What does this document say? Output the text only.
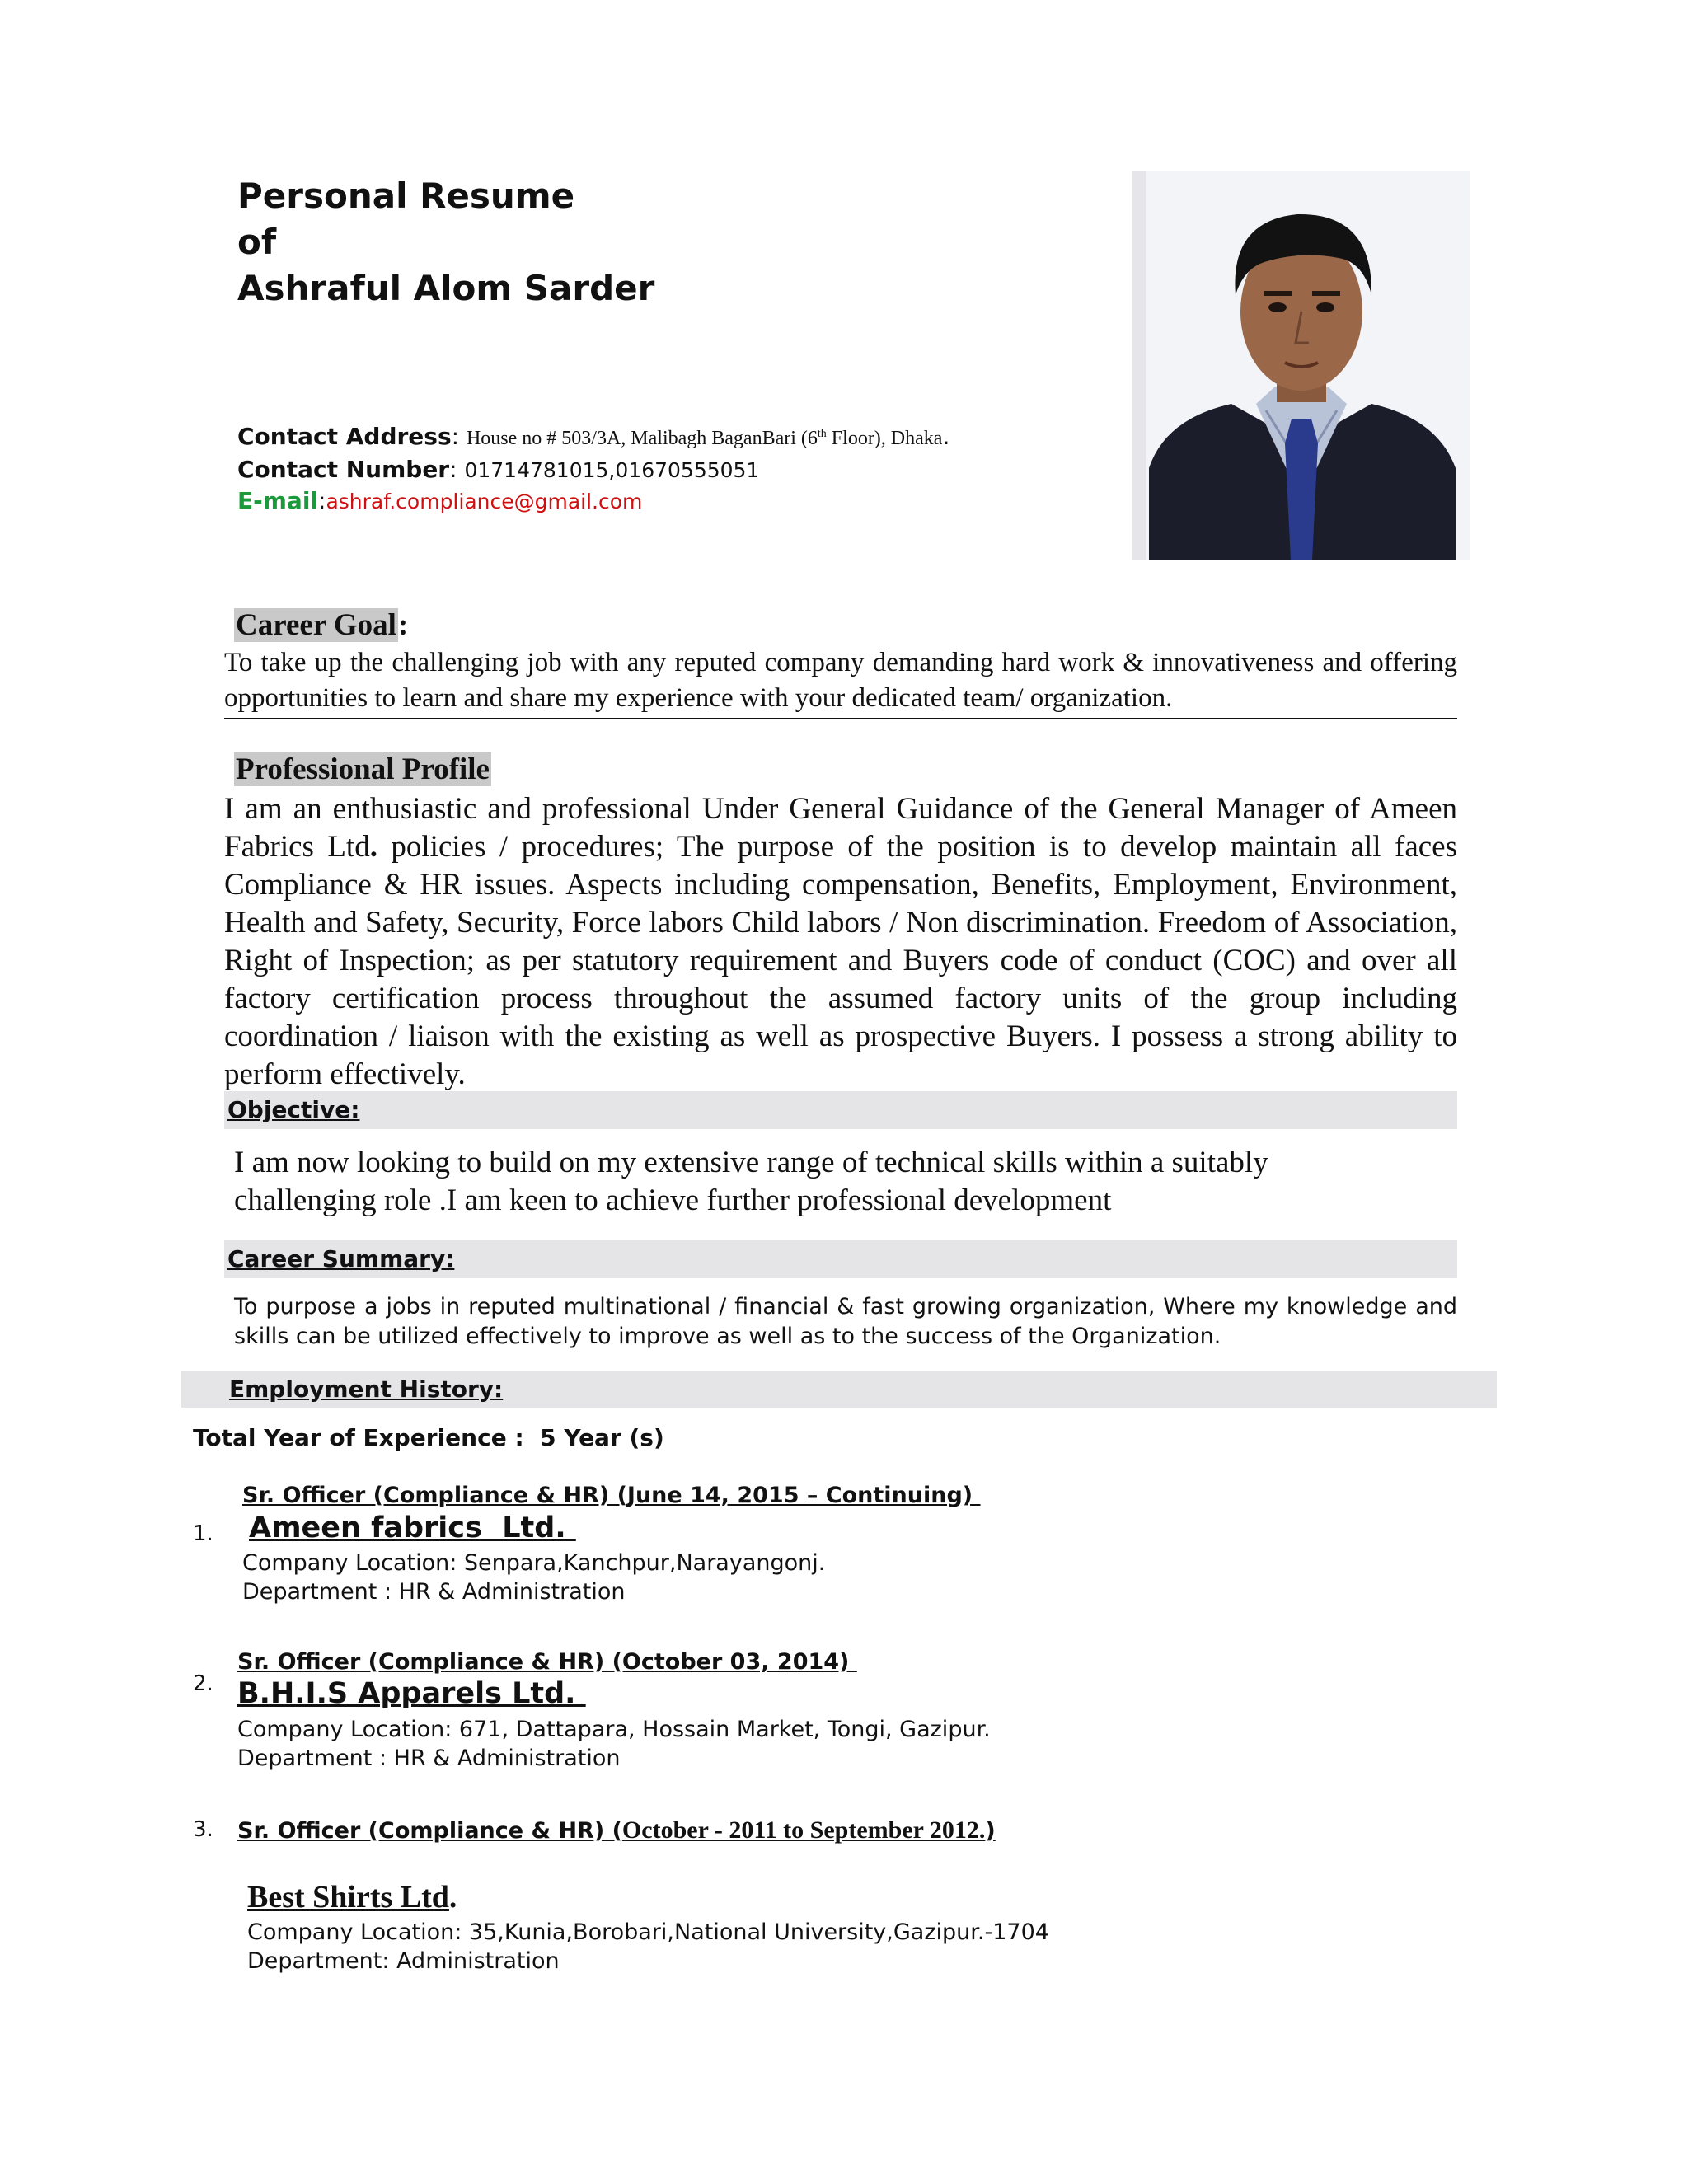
Personal Resume
of
Ashraful Alom Sarder
Contact Address: House no # 503/3A, Malibagh BaganBari (6th Floor), Dhaka.
Contact Number: 01714781015,01670555051
E-mail:ashraf.compliance@gmail.com
Career Goal:
To take up the challenging job with any reputed company demanding hard work & innovativeness and offering opportunities to learn and share my experience with your dedicated team/ organization.
Professional Profile
I am an enthusiastic and professional Under General Guidance of the General Manager of Ameen Fabrics Ltd. policies / procedures; The purpose of the position is to develop maintain all faces Compliance & HR issues. Aspects including compensation, Benefits, Employment, Environment, Health and Safety, Security, Force labors Child labors / Non discrimination. Freedom of Association, Right of Inspection; as per statutory requirement and Buyers code of conduct (COC) and over all factory certification process throughout the assumed factory units of the group including coordination / liaison with the existing as well as prospective Buyers. I possess a strong ability to perform effectively.
Objective:
I am now looking to build on my extensive range of technical skills within a suitably
challenging role .I am keen to achieve further professional development
Career Summary:
To purpose a jobs in reputed multinational / financial & fast growing organization, Where my knowledge and skills can be utilized effectively to improve as well as to the success of the Organization.
Employment History:
Total Year of Experience :  5 Year (s)
Sr. Officer (Compliance & HR) (June 14, 2015 – Continuing)
1. Ameen fabrics  Ltd.
Company Location: Senpara,Kanchpur,Narayangonj.
Department : HR & Administration
Sr. Officer (Compliance & HR) (October 03, 2014)
2. B.H.I.S Apparels Ltd.
Company Location: 671, Dattapara, Hossain Market, Tongi, Gazipur.
Department : HR & Administration
3. Sr. Officer (Compliance & HR) (October - 2011 to September 2012.)
Best Shirts Ltd.
Company Location: 35,Kunia,Borobari,National University,Gazipur.-1704
Department: Administration
